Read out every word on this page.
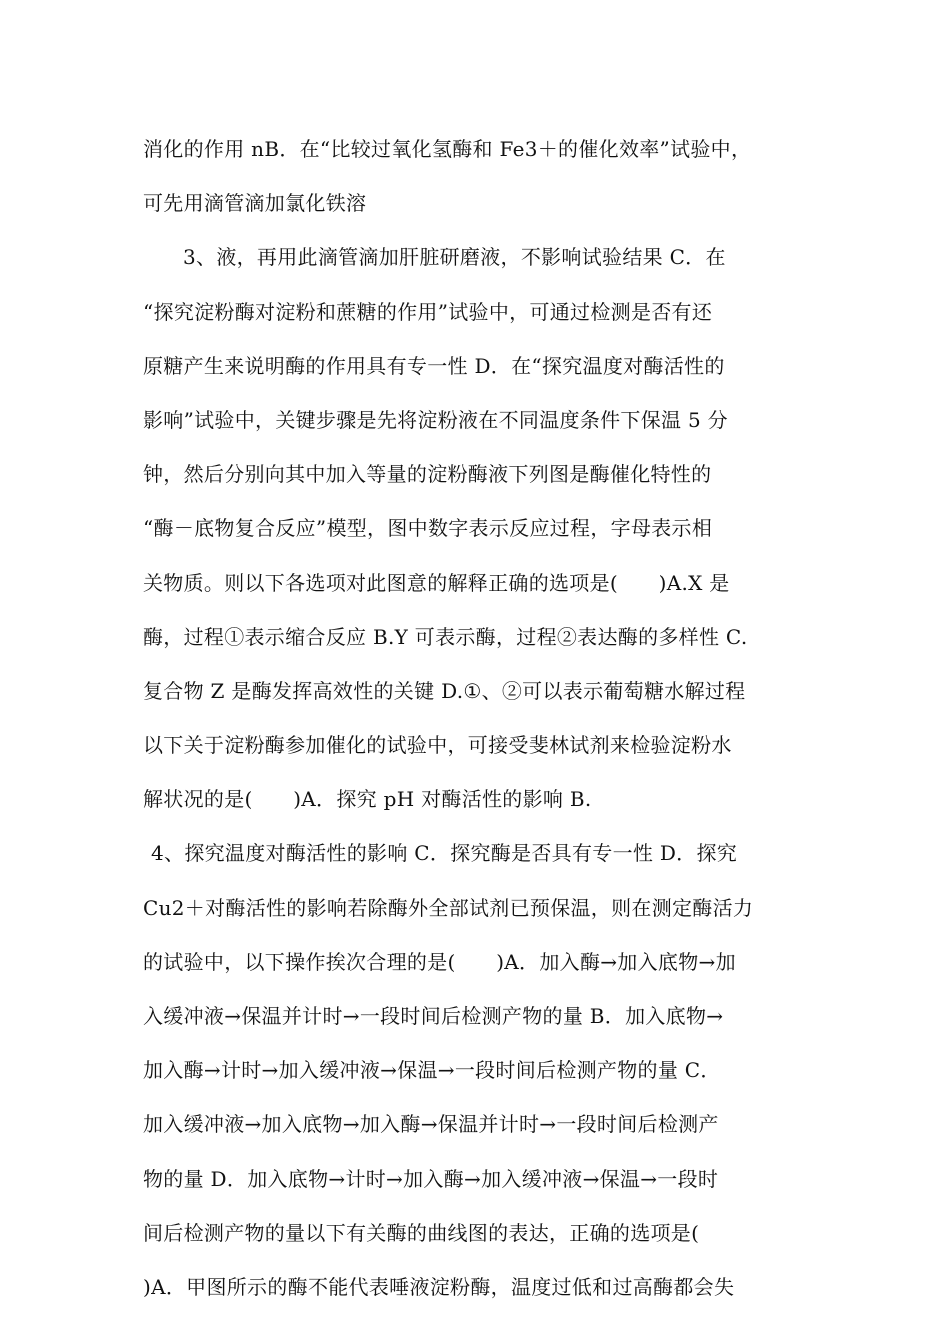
消化的作用 nB．在“比较过氧化氢酶和 Fe3＋的催化效率”试验中，
可先用滴管滴加氯化铁溶
3、液，再用此滴管滴加肝脏研磨液，不影响试验结果 C．在
“探究淀粉酶对淀粉和蔗糖的作用”试验中，可通过检测是否有还
原糖产生来说明酶的作用具有专一性 D．在“探究温度对酶活性的
影响”试验中，关键步骤是先将淀粉液在不同温度条件下保温 5 分
钟，然后分别向其中加入等量的淀粉酶液下列图是酶催化特性的
“酶－底物复合反应”模型，图中数字表示反应过程，字母表示相
关物质。则以下各选项对此图意的解释正确的选项是(　　)A.X 是
酶，过程①表示缩合反应 B.Y 可表示酶，过程②表达酶的多样性 C.
复合物 Z 是酶发挥高效性的关键 D.①、②可以表示葡萄糖水解过程
以下关于淀粉酶参加催化的试验中，可接受斐林试剂来检验淀粉水
解状况的是(　　)A．探究 pH 对酶活性的影响 B.
4、探究温度对酶活性的影响 C．探究酶是否具有专一性 D．探究
Cu2＋对酶活性的影响若除酶外全部试剂已预保温，则在测定酶活力
的试验中，以下操作挨次合理的是(　　)A．加入酶→加入底物→加
入缓冲液→保温并计时→一段时间后检测产物的量 B．加入底物→
加入酶→计时→加入缓冲液→保温→一段时间后检测产物的量 C．
加入缓冲液→加入底物→加入酶→保温并计时→一段时间后检测产
物的量 D．加入底物→计时→加入酶→加入缓冲液→保温→一段时
间后检测产物的量以下有关酶的曲线图的表达，正确的选项是(
)A．甲图所示的酶不能代表唾液淀粉酶，温度过低和过高酶都会失
